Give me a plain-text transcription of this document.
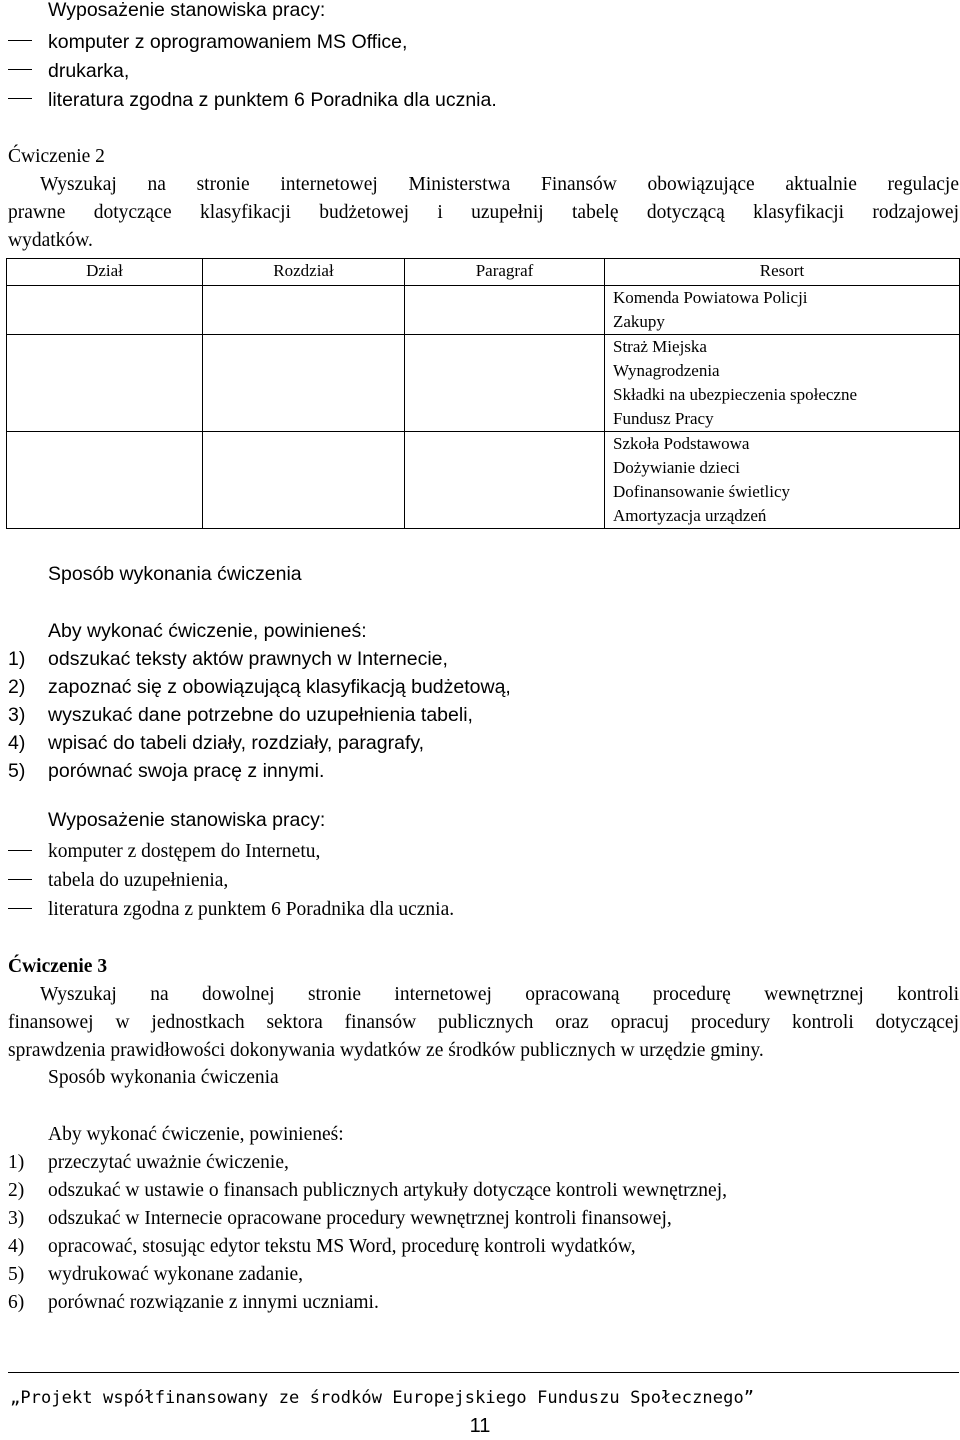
Wyposażenie stanowiska pracy:
komputer z oprogramowaniem MS Office,
drukarka,
literatura zgodna z punktem 6 Poradnika dla ucznia.
Ćwiczenie 2
Wyszukaj na stronie internetowej Ministerstwa Finansów obowiązujące aktualnie regulacje
prawne dotyczące klasyfikacji budżetowej i uzupełnij tabelę dotyczącą klasyfikacji rodzajowej
wydatków.
Dział	Rozdział	Paragraf	Resort

			Komenda Powiatowa Policji
Zakupy

			Straż Miejska
Wynagrodzenia
Składki na ubezpieczenia społeczne
Fundusz Pracy

			Szkoła Podstawowa
Dożywianie dzieci
Dofinansowanie świetlicy
Amortyzacja urządzeń
Sposób wykonania ćwiczenia
Aby wykonać ćwiczenie, powinieneś:
1) odszukać teksty aktów prawnych w Internecie,
2) zapoznać się z obowiązującą klasyfikacją budżetową,
3) wyszukać dane potrzebne do uzupełnienia tabeli,
4) wpisać do tabeli działy, rozdziały, paragrafy,
5) porównać swoja pracę z innymi.
Wyposażenie stanowiska pracy:
komputer z dostępem do Internetu,
tabela do uzupełnienia,
literatura zgodna z punktem 6 Poradnika dla ucznia.
Ćwiczenie 3
Wyszukaj na dowolnej stronie internetowej opracowaną procedurę wewnętrznej kontroli
finansowej w jednostkach sektora finansów publicznych oraz opracuj procedury kontroli dotyczącej
sprawdzenia prawidłowości dokonywania wydatków ze środków publicznych w urzędzie gminy.
Sposób wykonania ćwiczenia
Aby wykonać ćwiczenie, powinieneś:
1) przeczytać uważnie ćwiczenie,
2) odszukać w ustawie o finansach publicznych artykuły dotyczące kontroli wewnętrznej,
3) odszukać w Internecie opracowane procedury wewnętrznej kontroli finansowej,
4) opracować, stosując edytor tekstu MS Word, procedurę kontroli wydatków,
5) wydrukować wykonane zadanie,
6) porównać rozwiązanie z innymi uczniami.
„Projekt współfinansowany ze środków Europejskiego Funduszu Społecznego”
11
